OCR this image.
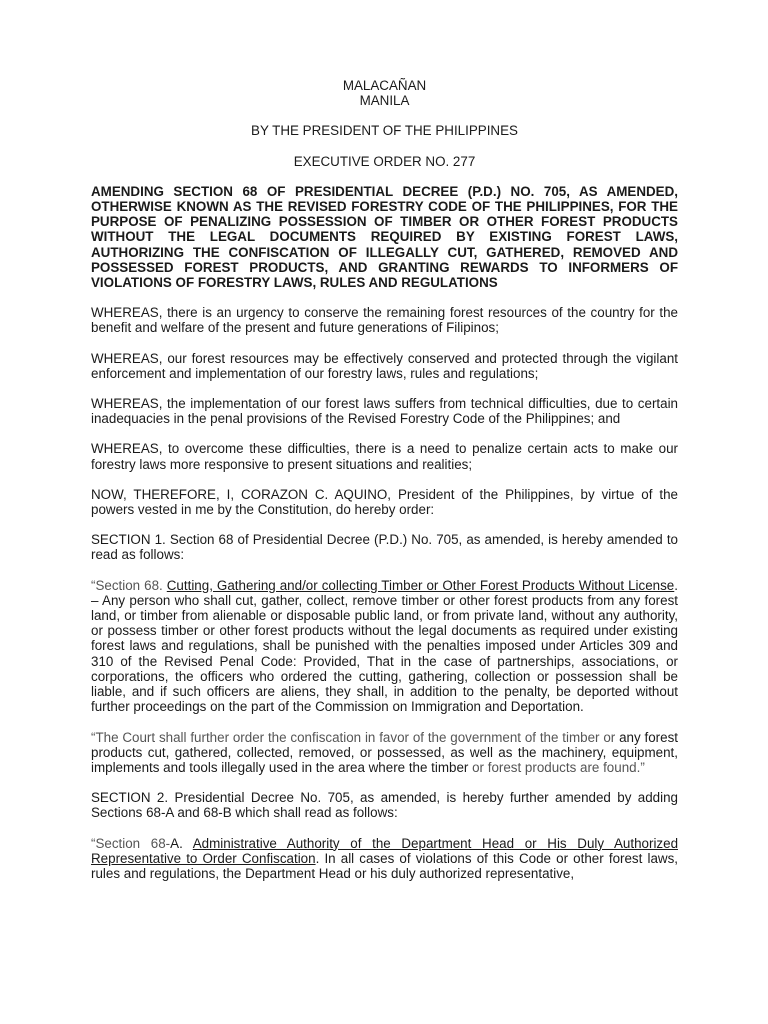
MALACAÑAN

MANILA

BY THE PRESIDENT OF THE PHILIPPINES

EXECUTIVE ORDER NO. 277

AMENDING SECTION 68 OF PRESIDENTIAL DECREE (P.D.) NO. 705, AS AMENDED, OTHERWISE KNOWN AS THE REVISED FORESTRY CODE OF THE PHILIPPINES, FOR THE PURPOSE OF PENALIZING POSSESSION OF TIMBER OR OTHER FOREST PRODUCTS WITHOUT THE LEGAL DOCUMENTS REQUIRED BY EXISTING FOREST LAWS, AUTHORIZING THE CONFISCATION OF ILLEGALLY CUT, GATHERED, REMOVED AND POSSESSED FOREST PRODUCTS, AND GRANTING REWARDS TO INFORMERS OF VIOLATIONS OF FORESTRY LAWS, RULES AND REGULATIONS

WHEREAS, there is an urgency to conserve the remaining forest resources of the country for the benefit and welfare of the present and future generations of Filipinos;

WHEREAS, our forest resources may be effectively conserved and protected through the vigilant enforcement and implementation of our forestry laws, rules and regulations;

WHEREAS, the implementation of our forest laws suffers from technical difficulties, due to certain inadequacies in the penal provisions of the Revised Forestry Code of the Philippines; and

WHEREAS, to overcome these difficulties, there is a need to penalize certain acts to make our forestry laws more responsive to present situations and realities;

NOW, THEREFORE, I, CORAZON C. AQUINO, President of the Philippines, by virtue of the powers vested in me by the Constitution, do hereby order:

SECTION 1. Section 68 of Presidential Decree (P.D.) No. 705, as amended, is hereby amended to read as follows:

“Section 68. Cutting, Gathering and/or collecting Timber or Other Forest Products Without License. – Any person who shall cut, gather, collect, remove timber or other forest products from any forest land, or timber from alienable or disposable public land, or from private land, without any authority, or possess timber or other forest products without the legal documents as required under existing forest laws and regulations, shall be punished with the penalties imposed under Articles 309 and 310 of the Revised Penal Code: Provided, That in the case of partnerships, associations, or corporations, the officers who ordered the cutting, gathering, collection or possession shall be liable, and if such officers are aliens, they shall, in addition to the penalty, be deported without further proceedings on the part of the Commission on Immigration and Deportation.

“The Court shall further order the confiscation in favor of the government of the timber or any forest products cut, gathered, collected, removed, or possessed, as well as the machinery, equipment, implements and tools illegally used in the area where the timber or forest products are found.”

SECTION 2. Presidential Decree No. 705, as amended, is hereby further amended by adding Sections 68-A and 68-B which shall read as follows:

“Section 68-A. Administrative Authority of the Department Head or His Duly Authorized Representative to Order Confiscation. In all cases of violations of this Code or other forest laws, rules and regulations, the Department Head or his duly authorized representative,
